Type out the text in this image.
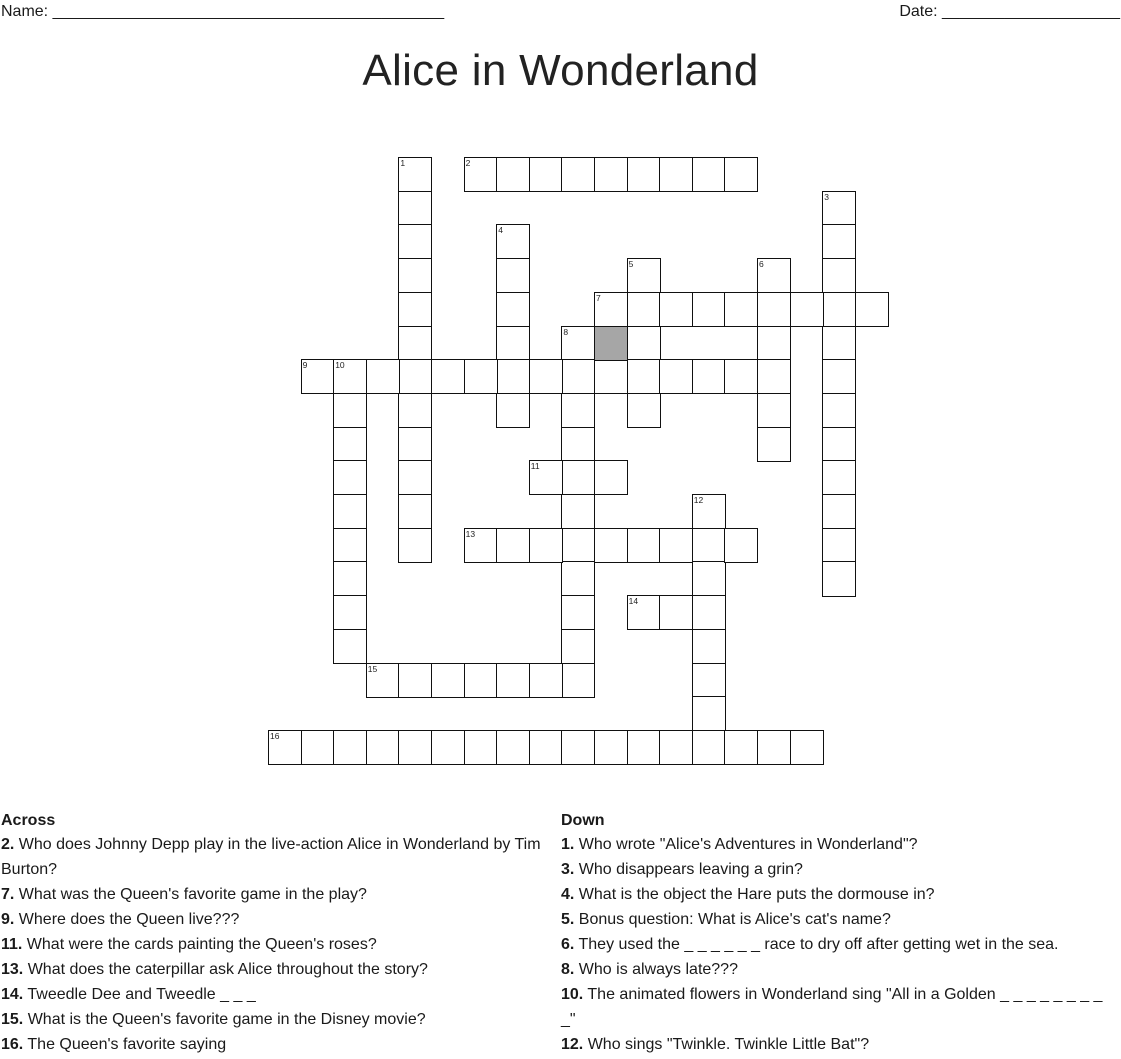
Name: ____________________________________________	Date: ____________________
Alice in Wonderland
1	2
3
4
5	6
7
8
9	10
11
12
13
14
15
16
Across

2. Who does Johnny Depp play in the live-action Alice in Wonderland by Tim Burton?

7. What was the Queen's favorite game in the play?

9. Where does the Queen live???

11. What were the cards painting the Queen's roses?

13. What does the caterpillar ask Alice throughout the story?

14. Tweedle Dee and Tweedle _ _ _

15. What is the Queen's favorite game in the Disney movie?

16. The Queen's favorite saying

Down

1. Who wrote "Alice's Adventures in Wonderland"?

3. Who disappears leaving a grin?

4. What is the object the Hare puts the dormouse in?

5. Bonus question: What is Alice's cat's name?

6. They used the _ _ _ _ _ _ race to dry off after getting wet in the sea.

8. Who is always late???

10. The animated flowers in Wonderland sing "All in a Golden _ _ _ _ _ _ _ _ _"

12. Who sings "Twinkle. Twinkle Little Bat"?
